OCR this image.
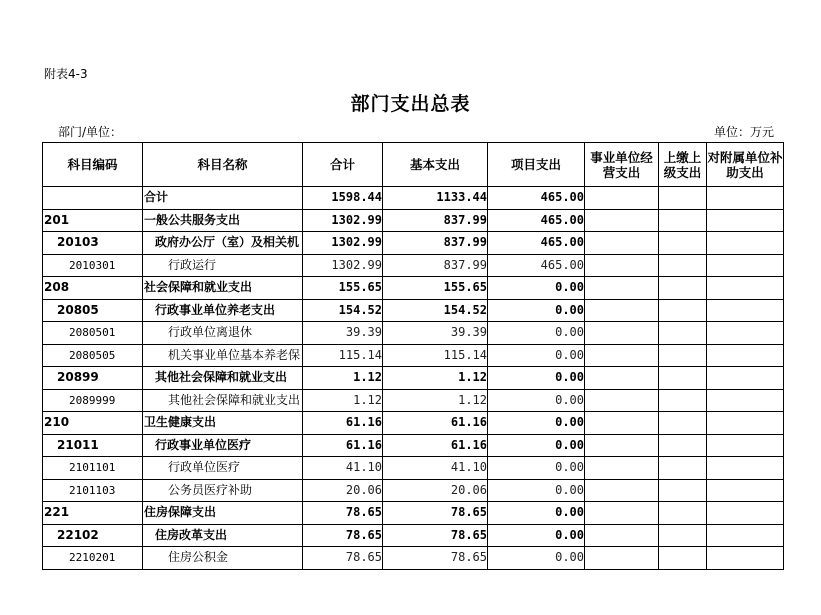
附表4-3
部门支出总表
部门/单位：	单位：万元
科目编码	科目名称	合计	基本支出	项目支出	事业单位经营支出	上缴上级支出	对附属单位补助支出
	合计	1598.44	1133.44	465.00			
201	一般公共服务支出	1302.99	837.99	465.00			
20103	政府办公厅（室）及相关机	1302.99	837.99	465.00			
2010301	行政运行	1302.99	837.99	465.00			
208	社会保障和就业支出	155.65	155.65	0.00			
20805	行政事业单位养老支出	154.52	154.52	0.00			
2080501	行政单位离退休	39.39	39.39	0.00			
2080505	机关事业单位基本养老保	115.14	115.14	0.00			
20899	其他社会保障和就业支出	1.12	1.12	0.00			
2089999	其他社会保障和就业支出	1.12	1.12	0.00			
210	卫生健康支出	61.16	61.16	0.00			
21011	行政事业单位医疗	61.16	61.16	0.00			
2101101	行政单位医疗	41.10	41.10	0.00			
2101103	公务员医疗补助	20.06	20.06	0.00			
221	住房保障支出	78.65	78.65	0.00			
22102	住房改革支出	78.65	78.65	0.00			
2210201	住房公积金	78.65	78.65	0.00			
